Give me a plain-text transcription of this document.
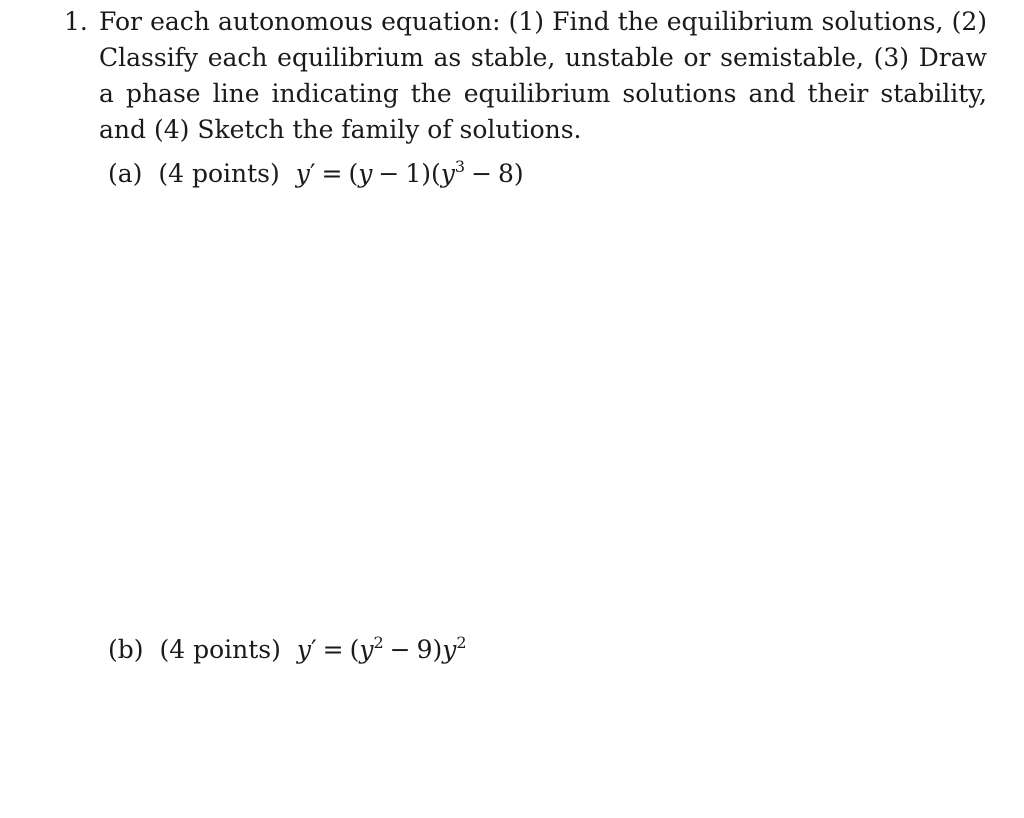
1. For each autonomous equation: (1) Find the equilibrium solutions, (2) Classify each equilibrium as stable, unstable or semistable, (3) Draw a phase line indicating the equilibrium solutions and their stability, and (4) Sketch the family of solutions.

(a) (4 points) $y' = (y - 1)(y^3 - 8)$
(b) (4 points) $y' = (y^2 - 9)y^2$
